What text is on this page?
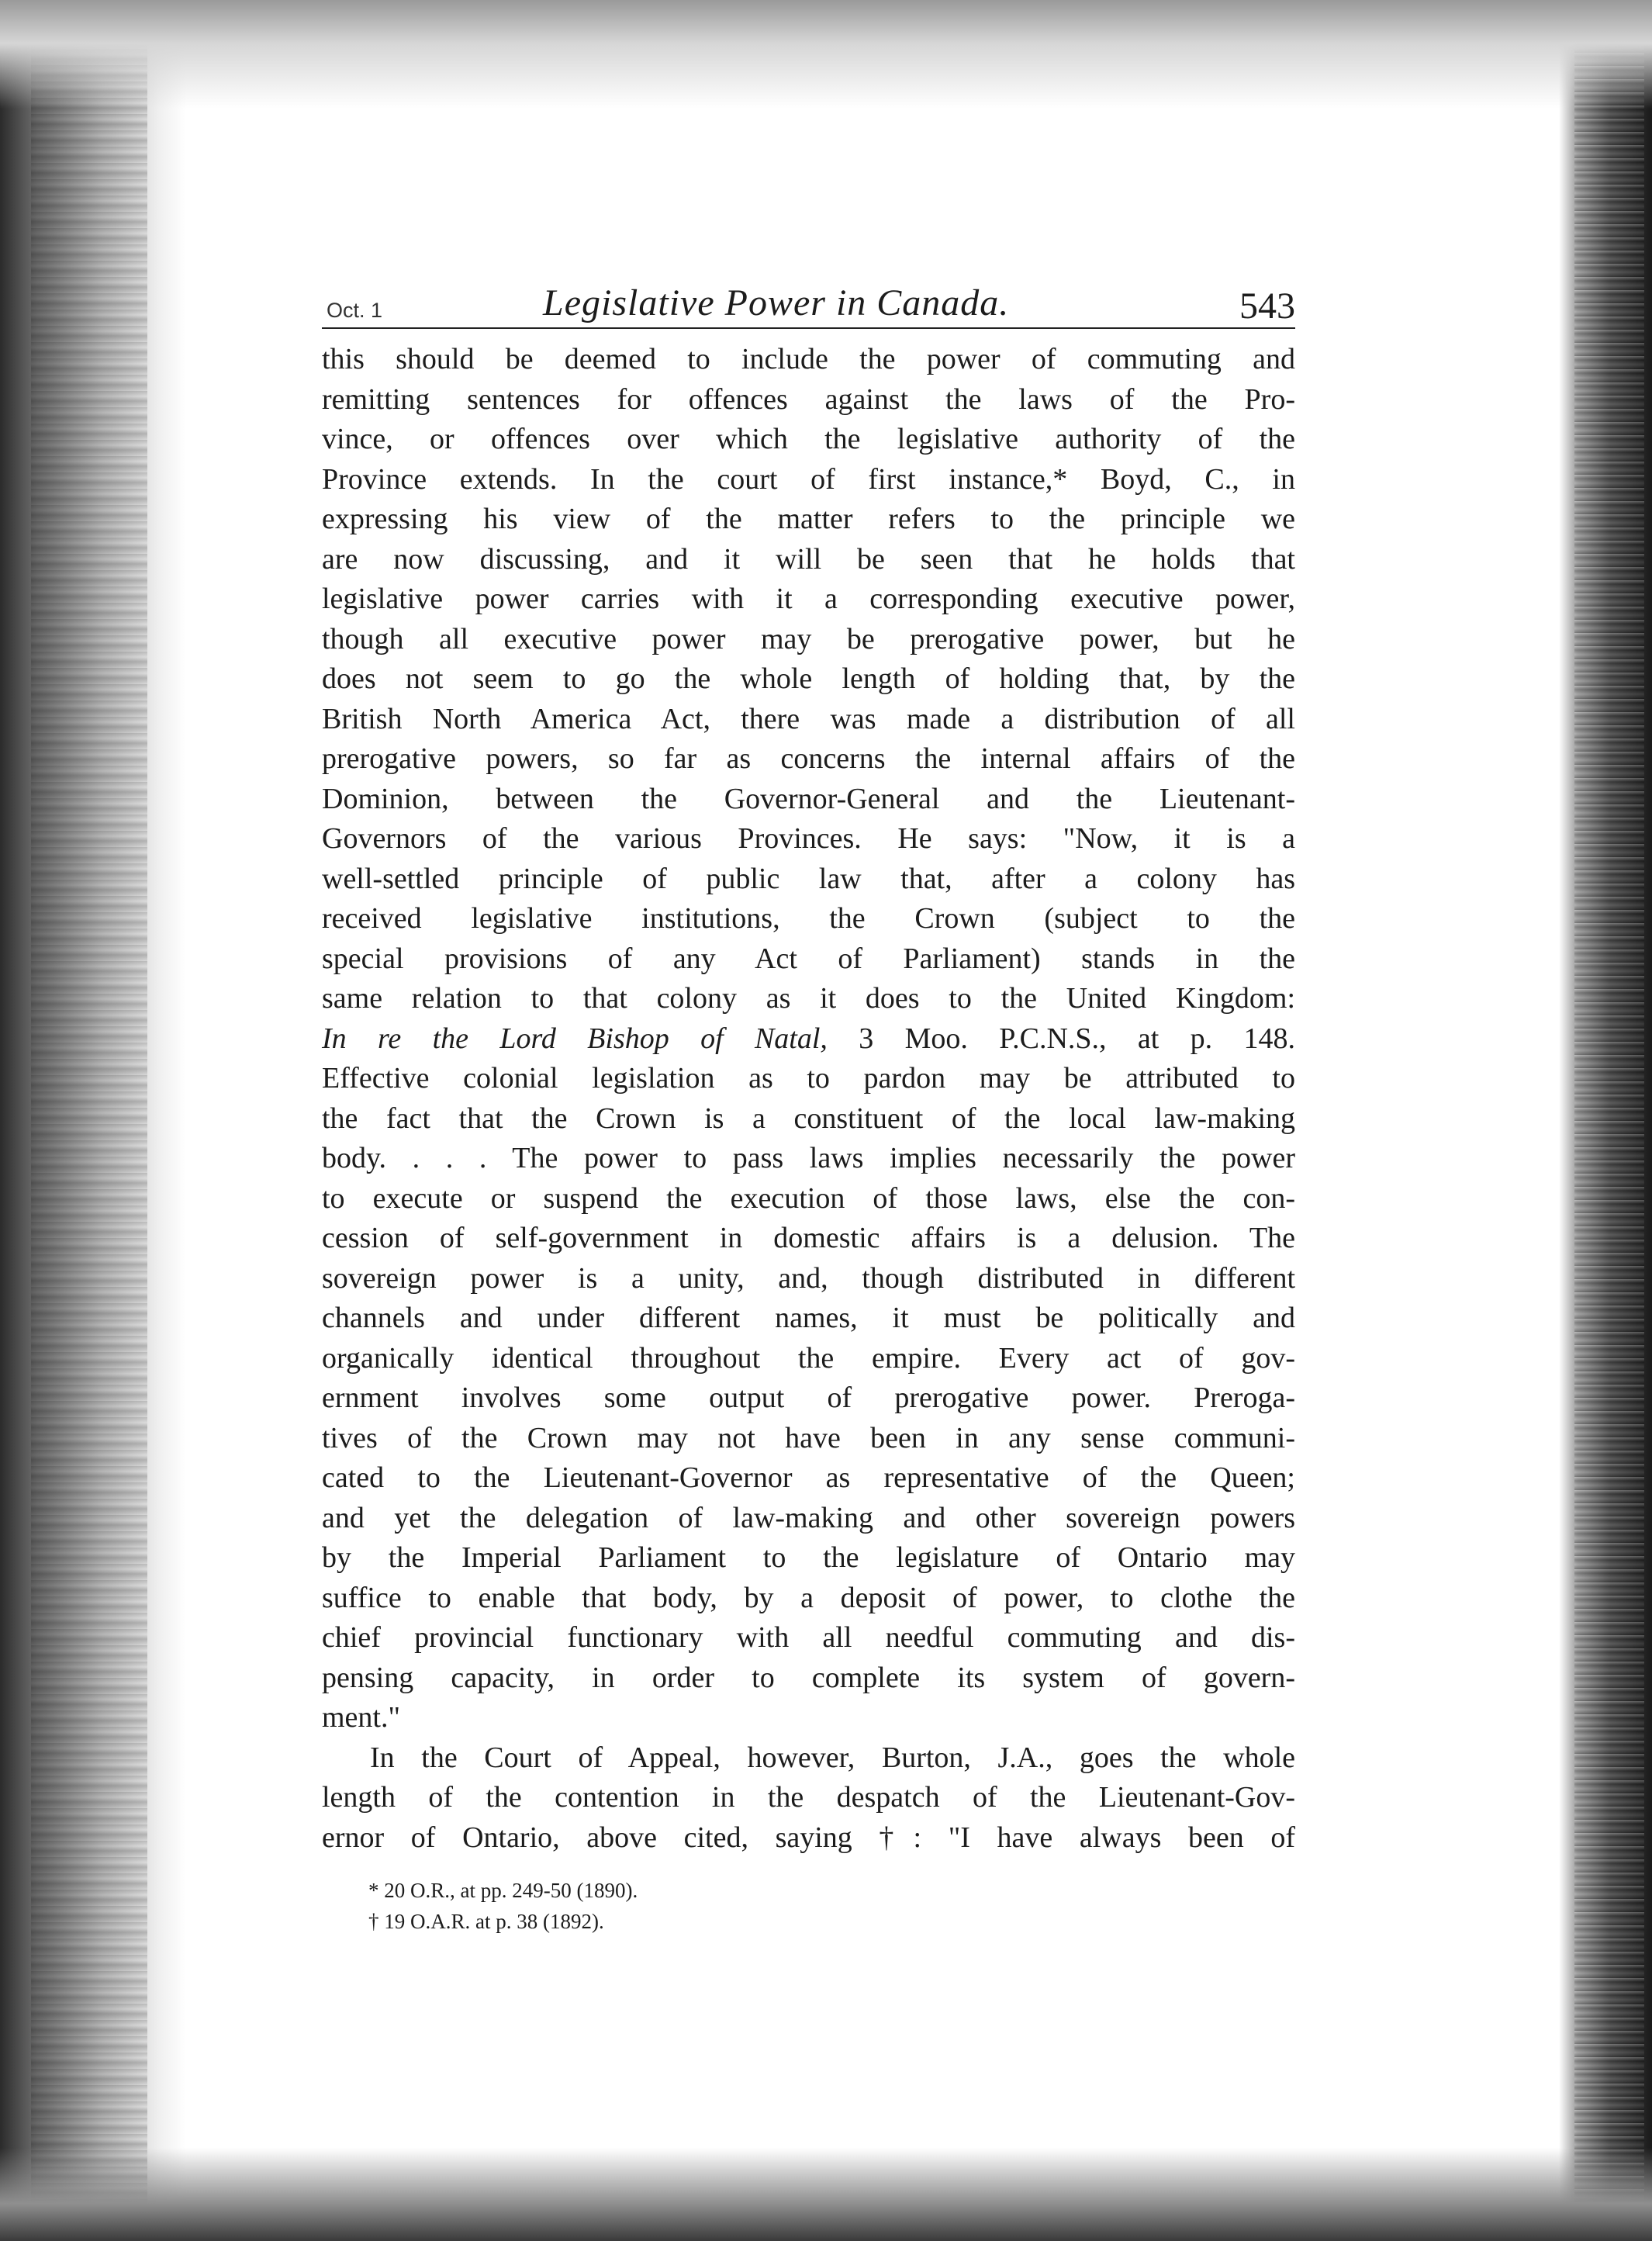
Oct. 1	Legislative Power in Canada.	543
this should be deemed to include the power of commuting and
remitting sentences for offences against the laws of the Pro-
vince, or offences over which the legislative authority of the
Province extends. In the court of first instance,* Boyd, C., in
expressing his view of the matter refers to the principle we
are now discussing, and it will be seen that he holds that
legislative power carries with it a corresponding executive power,
though all executive power may be prerogative power, but he
does not seem to go the whole length of holding that, by the
British North America Act, there was made a distribution of all
prerogative powers, so far as concerns the internal affairs of the
Dominion, between the Governor-General and the Lieutenant-
Governors of the various Provinces. He says: "Now, it is a
well-settled principle of public law that, after a colony has
received legislative institutions, the Crown (subject to the
special provisions of any Act of Parliament) stands in the
same relation to that colony as it does to the United Kingdom:
In re the Lord Bishop of Natal, 3 Moo. P.C.N.S., at p. 148.
Effective colonial legislation as to pardon may be attributed to
the fact that the Crown is a constituent of the local law-making
body. . . . The power to pass laws implies necessarily the power
to execute or suspend the execution of those laws, else the con-
cession of self-government in domestic affairs is a delusion. The
sovereign power is a unity, and, though distributed in different
channels and under different names, it must be politically and
organically identical throughout the empire. Every act of gov-
ernment involves some output of prerogative power. Preroga-
tives of the Crown may not have been in any sense communi-
cated to the Lieutenant-Governor as representative of the Queen;
and yet the delegation of law-making and other sovereign powers
by the Imperial Parliament to the legislature of Ontario may
suffice to enable that body, by a deposit of power, to clothe the
chief provincial functionary with all needful commuting and dis-
pensing capacity, in order to complete its system of govern-
ment."
In the Court of Appeal, however, Burton, J.A., goes the whole
length of the contention in the despatch of the Lieutenant-Gov-
ernor of Ontario, above cited, saying †: "I have always been of
* 20 O.R., at pp. 249-50 (1890).
† 19 O.A.R. at p. 38 (1892).
